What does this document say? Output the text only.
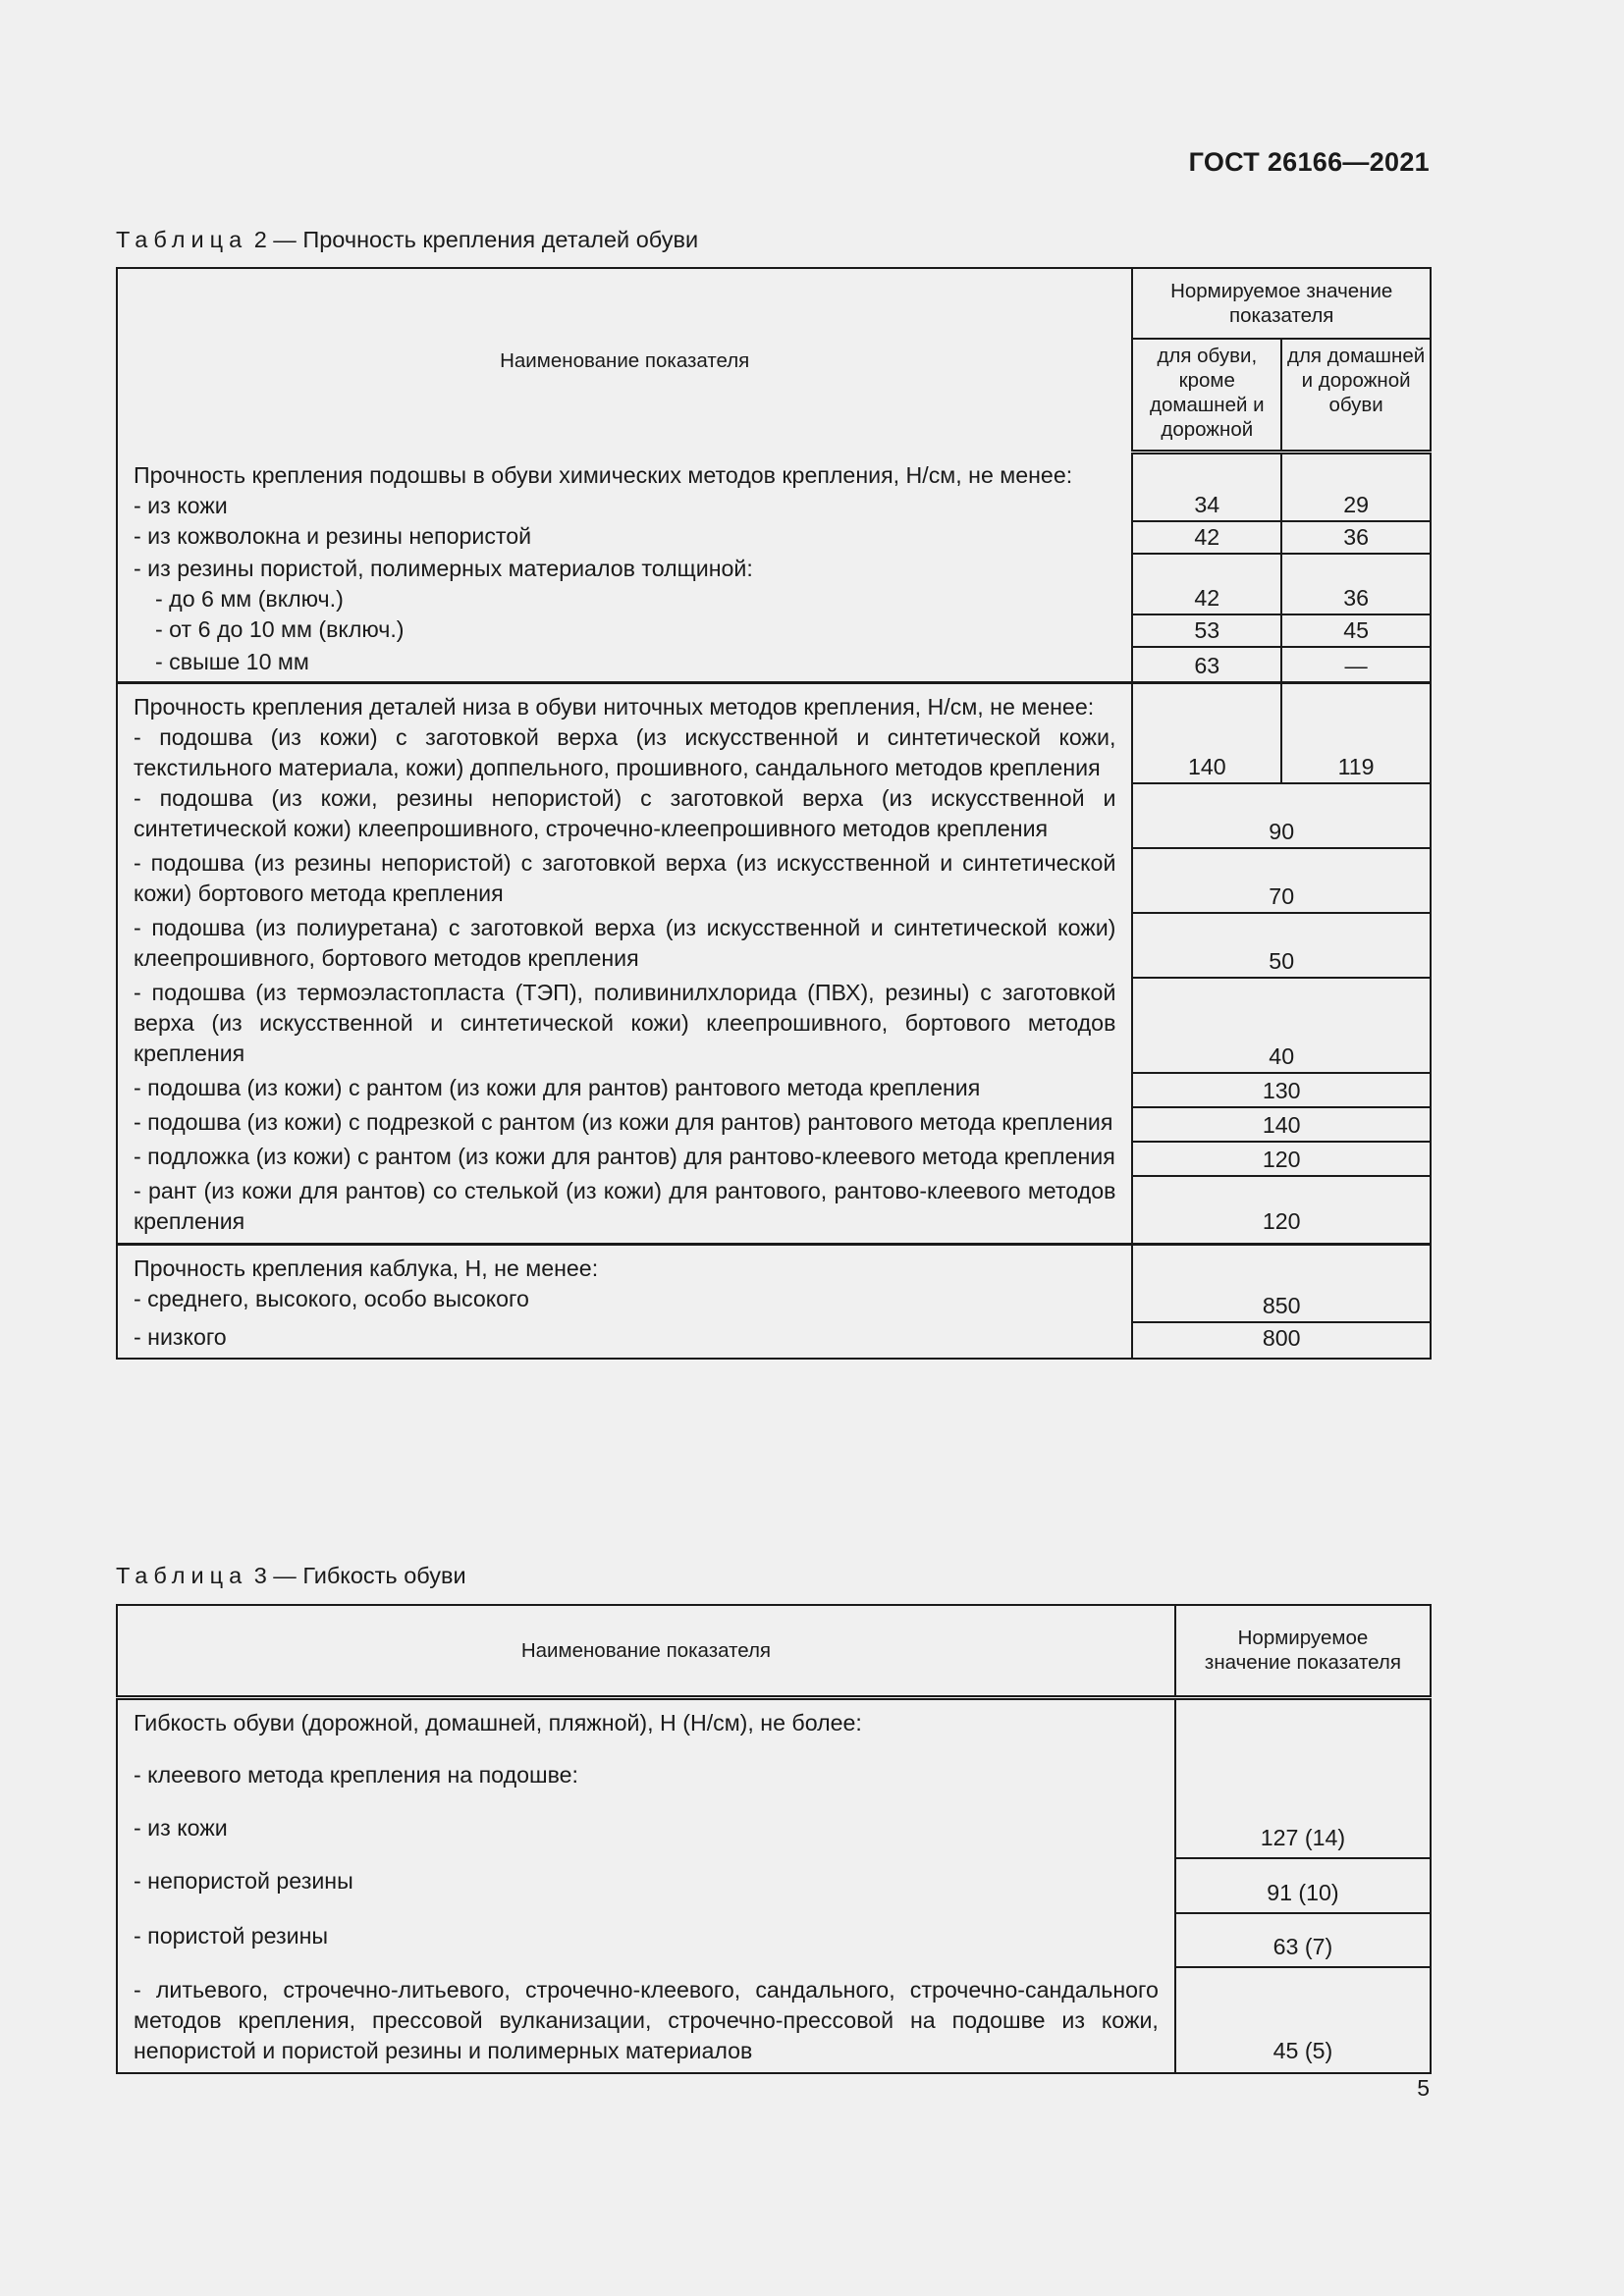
ГОСТ 26166—2021
Таблица 2 — Прочность крепления деталей обуви
Наименование показателя	Нормируемое значение показателя	
	для обуви, кроме домашней и дорожной	для домашней и дорожной обуви

Прочность крепления подошвы в обуви химических методов крепления, Н/см, не менее:
- из кожи	34	29
- из кожволокна и резины непористой	42	36

- из резины пористой, полимерных материалов толщиной:
- до 6 мм (включ.)	42	36
- от 6 до 10 мм (включ.)	53	45
- свыше 10 мм	63	—

Прочность крепления деталей низа в обуви ниточных методов крепления, Н/см, не менее:
- подошва (из кожи) с заготовкой верха (из искусственной и синтетической кожи, текстильного материала, кожи) доппельного, прошивного, сандального методов крепления	140	119
- подошва (из кожи, резины непористой) с заготовкой верха (из искусственной и синтетической кожи) клеепрошивного, строчечно-клеепрошивного методов крепления	90	
- подошва (из резины непористой) с заготовкой верха (из искусственной и синтетической кожи) бортового метода крепления	70	
- подошва (из полиуретана) с заготовкой верха (из искусственной и синтетической кожи) клеепрошивного, бортового методов крепления	50	
- подошва (из термоэластопласта (ТЭП), поливинилхлорида (ПВХ), резины) с заготовкой верха (из искусственной и синтетической кожи) клеепрошивного, бортового методов крепления	40	
- подошва (из кожи) с рантом (из кожи для рантов) рантового метода крепления	130	
- подошва (из кожи) с подрезкой с рантом (из кожи для рантов) рантового метода крепления	140	
- подложка (из кожи) с рантом (из кожи для рантов) для рантово-клеевого метода крепления	120	
- рант (из кожи для рантов) со стелькой (из кожи) для рантового, рантово-клеевого методов крепления	120	

Прочность крепления каблука, Н, не менее:
- среднего, высокого, особо высокого	850	
- низкого	800	
Таблица 3 — Гибкость обуви
Наименование показателя	Нормируемое значение показателя
Гибкость обуви (дорожной, домашней, пляжной), Н (Н/см), не более:	
- клеевого метода крепления на подошве:	
- из кожи	127 (14)
- непористой резины	91 (10)
- пористой резины	63 (7)
- литьевого, строчечно-литьевого, строчечно-клеевого, сандального, строчечно-сандального методов крепления, прессовой вулканизации, строчечно-прессовой на подошве из кожи, непористой и пористой резины и полимерных материалов	45 (5)
5
